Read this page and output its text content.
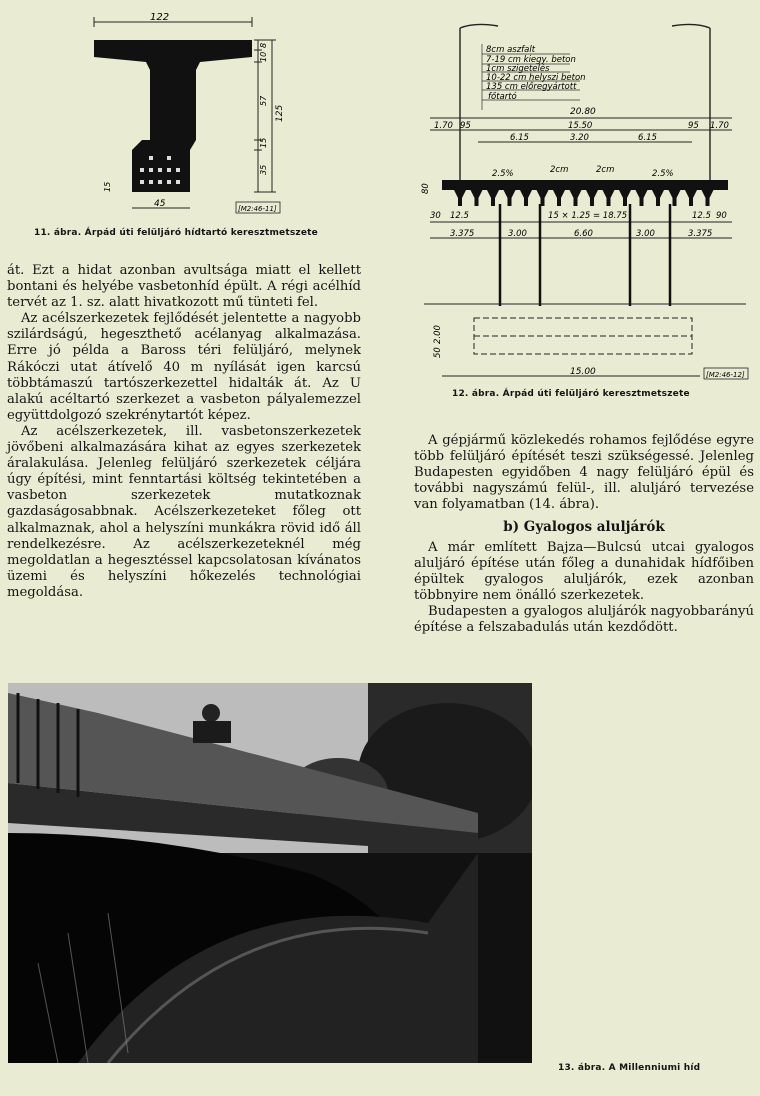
122
8
10
57
15
35
125
15
45	[M2:46-11]
11. ábra. Árpád úti felüljáró hídtartó keresztmetszete
8cm aszfalt
7-19 cm kiegy. beton
1cm szigetelés
10-22 cm helyszi beton
135 cm előregyártott
főtartó
20.80
1.70 95	15.50	95 1.70
6.15	3.20	6.15
2.5%	2cm	2cm	2.5%
80
30 12.5	15 × 1.25 = 18.75	12.5 90
3.375	3.00	6.60	3.00	3.375
2.00
50
15.00	[M2:46-12]
12. ábra. Árpád úti felüljáró keresztmetszete

át. Ezt a hidat azonban avultsága miatt el kellett bontani és helyébe vasbetonhíd épült. A régi acélhíd tervét az 1. sz. alatt hivatkozott mű tünteti fel.

Az acélszerkezetek fejlődését jelentette a nagyobb szilárdságú, hegeszthető acélanyag alkalmazása. Erre jó példa a Baross téri felüljáró, melynek Rákóczi utat átívelő 40 m nyílását igen karcsú többtámaszú tartószerkezettel hidalták át. Az U alakú acéltartó szerkezet a vasbeton pályalemezzel együttdolgozó szekrénytartót képez.

Az acélszerkezetek, ill. vasbetonszerkezetek jövőbeni alkalmazására kihat az egyes szerkezetek áralakulása. Jelenleg felüljáró szerkezetek céljára úgy építési, mint fenntartási költség tekintetében a vasbeton szerkezetek mutatkoznak gazdaságosabbnak. Acélszerkezeteket főleg ott alkalmaznak, ahol a helyszíni munkákra rövid idő áll rendelkezésre. Az acélszerkezeteknél még megoldatlan a hegesztéssel kapcsolatosan kívánatos üzemi és helyszíni hőkezelés technológiai megoldása.

A gépjármű közlekedés rohamos fejlődése egyre több felüljáró építését teszi szükségessé. Jelenleg Budapesten egyidőben 4 nagy felüljáró épül és további nagyszámú felül-, ill. aluljáró tervezése van folyamatban (14. ábra).

b) Gyalogos aluljárók

A már említett Bajza—Bulcsú utcai gyalogos aluljáró építése után főleg a dunahidak hídfőiben épültek gyalogos aluljárók, ezek azonban többnyire nem önálló szerkezetek.

Budapesten a gyalogos aluljárók nagyobbarányú építése a felszabadulás után kezdődött.

13. ábra. A Millenniumi híd
